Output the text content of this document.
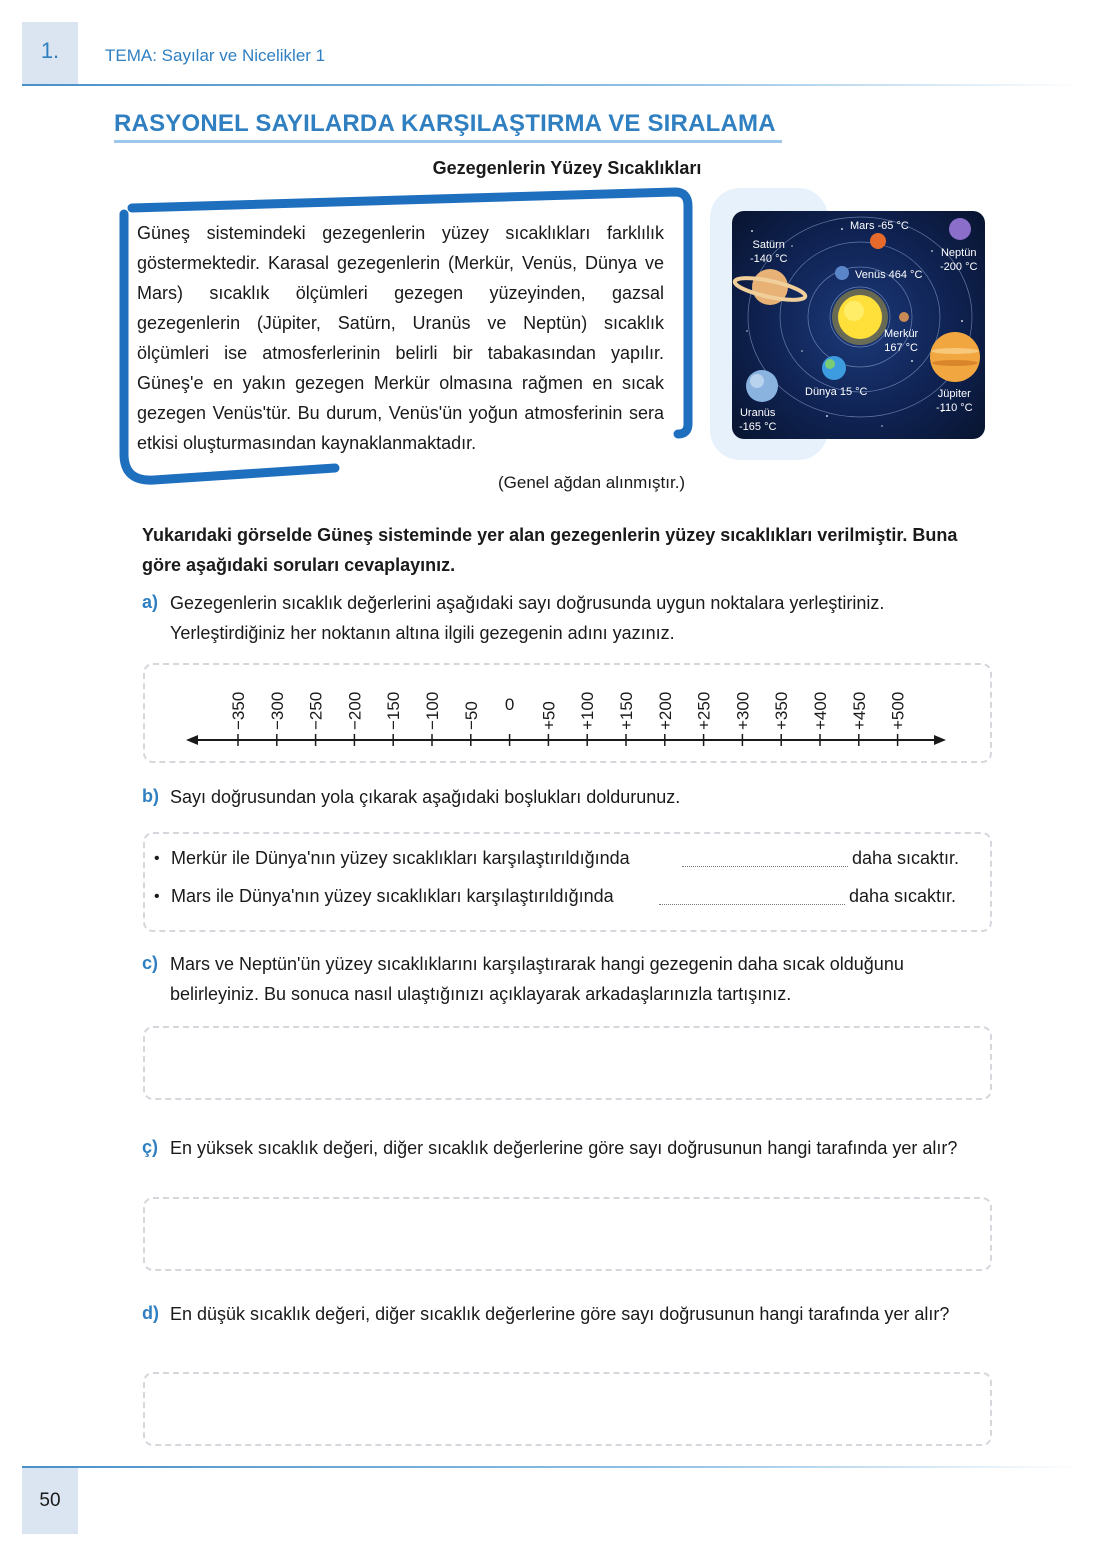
1.	TEMA: Sayılar ve Nicelikler 1
RASYONEL SAYILARDA KARŞILAŞTIRMA VE SIRALAMA
Gezegenlerin Yüzey Sıcaklıkları
Güneş sistemindeki gezegenlerin yüzey sıcaklıkları farklılık göstermektedir. Karasal gezegenlerin (Merkür, Venüs, Dünya ve Mars) sıcaklık ölçümleri gezegen yüzeyinden, gazsal gezegenlerin (Jüpiter, Satürn, Uranüs ve Neptün) sıcaklık ölçümleri ise atmosferlerinin belirli bir tabakasından yapılır. Güneş'e en yakın gezegen Merkür olmasına rağmen en sıcak gezegen Venüs'tür. Bu durum, Venüs'ün yoğun atmosferinin sera etkisi oluşturmasından kaynaklanmaktadır.
(Genel ağdan alınmıştır.)
Satürn
-140 °C
Mars -65 °C
Neptün
-200 °C
Venüs 464 °C
Merkür
167 °C
Dünya 15 °C	Jüpiter
-110 °C
Uranüs
-165 °C
Yukarıdaki görselde Güneş sisteminde yer alan gezegenlerin yüzey sıcaklıkları verilmiştir. Buna göre aşağıdaki soruları cevaplayınız.
a) Gezegenlerin sıcaklık değerlerini aşağıdaki sayı doğrusunda uygun noktalara yerleştiriniz. Yerleştirdiğiniz her noktanın altına ilgili gezegenin adını yazınız.
−350 −300 −250 −200 −150 −100 −50 0 +50 +100 +150 +200 +250 +300 +350 +400 +450 +500
b) Sayı doğrusundan yola çıkarak aşağıdaki boşlukları doldurunuz.
• Merkür ile Dünya'nın yüzey sıcaklıkları karşılaştırıldığında	daha sıcaktır.
• Mars ile Dünya'nın yüzey sıcaklıkları karşılaştırıldığında	daha sıcaktır.
c) Mars ve Neptün'ün yüzey sıcaklıklarını karşılaştırarak hangi gezegenin daha sıcak olduğunu belirleyiniz. Bu sonuca nasıl ulaştığınızı açıklayarak arkadaşlarınızla tartışınız.
ç) En yüksek sıcaklık değeri, diğer sıcaklık değerlerine göre sayı doğrusunun hangi tarafında yer alır?
d) En düşük sıcaklık değeri, diğer sıcaklık değerlerine göre sayı doğrusunun hangi tarafında yer alır?
50
